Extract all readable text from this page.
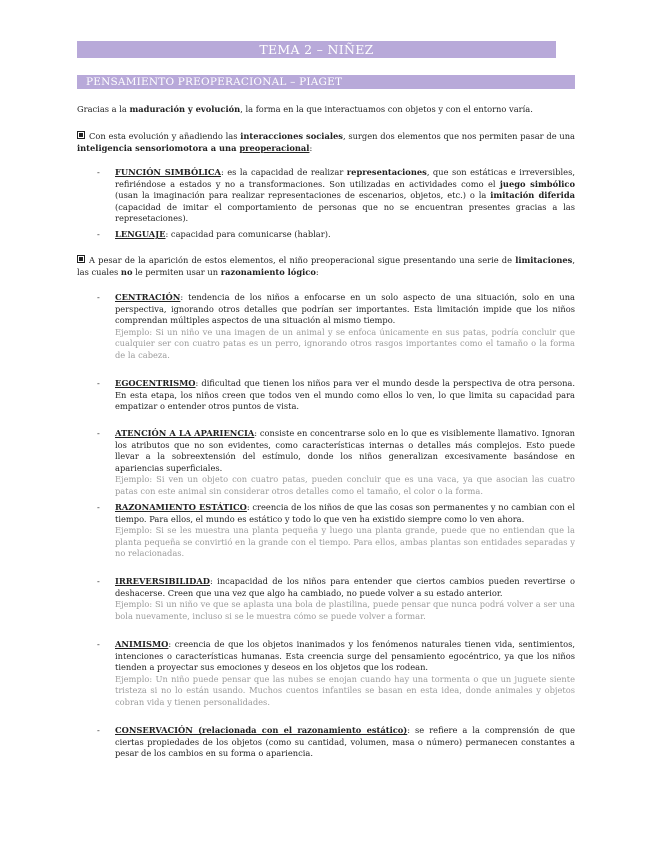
TEMA 2 – NIÑEZ
PENSAMIENTO PREOPERACIONAL – PIAGET
Gracias a la maduración y evolución, la forma en la que interactuamos con objetos y con el entorno varía.
Con esta evolución y añadiendo las interacciones sociales, surgen dos elementos que nos permiten pasar de una inteligencia sensoriomotora a una preoperacional:
-	FUNCIÓN SIMBÓLICA: es la capacidad de realizar representaciones, que son estáticas e irreversibles, refiriéndose a estados y no a transformaciones. Son utilizadas en actividades como el juego simbólico (usan la imaginación para realizar representaciones de escenarios, objetos, etc.) o la imitación diferida (capacidad de imitar el comportamiento de personas que no se encuentran presentes gracias a las represetaciones).
-	LENGUAJE: capacidad para comunicarse (hablar).
A pesar de la aparición de estos elementos, el niño preoperacional sigue presentando una serie de limitaciones, las cuales no le permiten usar un razonamiento lógico:
-	CENTRACIÓN: tendencia de los niños a enfocarse en un solo aspecto de una situación, solo en una perspectiva, ignorando otros detalles que podrían ser importantes. Esta limitación impide que los niños comprendan múltiples aspectos de una situación al mismo tiempo.
Ejemplo: Si un niño ve una imagen de un animal y se enfoca únicamente en sus patas, podría concluir que cualquier ser con cuatro patas es un perro, ignorando otros rasgos importantes como el tamaño o la forma de la cabeza.
-	EGOCENTRISMO: dificultad que tienen los niños para ver el mundo desde la perspectiva de otra persona. En esta etapa, los niños creen que todos ven el mundo como ellos lo ven, lo que limita su capacidad para empatizar o entender otros puntos de vista.
-	ATENCIÓN A LA APARIENCIA: consiste en concentrarse solo en lo que es visiblemente llamativo. Ignoran los atributos que no son evidentes, como características internas o detalles más complejos. Esto puede llevar a la sobreextensión del estímulo, donde los niños generalizan excesivamente basándose en apariencias superficiales.
Ejemplo: Si ven un objeto con cuatro patas, pueden concluir que es una vaca, ya que asocian las cuatro patas con este animal sin considerar otros detalles como el tamaño, el color o la forma.
-	RAZONAMIENTO ESTÁTICO: creencia de los niños de que las cosas son permanentes y no cambian con el tiempo. Para ellos, el mundo es estático y todo lo que ven ha existido siempre como lo ven ahora.
Ejemplo: Si se les muestra una planta pequeña y luego una planta grande, puede que no entiendan que la planta pequeña se convirtió en la grande con el tiempo. Para ellos, ambas plantas son entidades separadas y no relacionadas.
-	IRREVERSIBILIDAD: incapacidad de los niños para entender que ciertos cambios pueden revertirse o deshacerse. Creen que una vez que algo ha cambiado, no puede volver a su estado anterior.
Ejemplo: Si un niño ve que se aplasta una bola de plastilina, puede pensar que nunca podrá volver a ser una bola nuevamente, incluso si se le muestra cómo se puede volver a formar.
-	ANIMISMO: creencia de que los objetos inanimados y los fenómenos naturales tienen vida, sentimientos, intenciones o características humanas. Esta creencia surge del pensamiento egocéntrico, ya que los niños tienden a proyectar sus emociones y deseos en los objetos que los rodean.
Ejemplo: Un niño puede pensar que las nubes se enojan cuando hay una tormenta o que un juguete siente tristeza si no lo están usando. Muchos cuentos infantiles se basan en esta idea, donde animales y objetos cobran vida y tienen personalidades.
-	CONSERVACIÓN (relacionada con el razonamiento estático): se refiere a la comprensión de que ciertas propiedades de los objetos (como su cantidad, volumen, masa o número) permanecen constantes a pesar de los cambios en su forma o apariencia.
